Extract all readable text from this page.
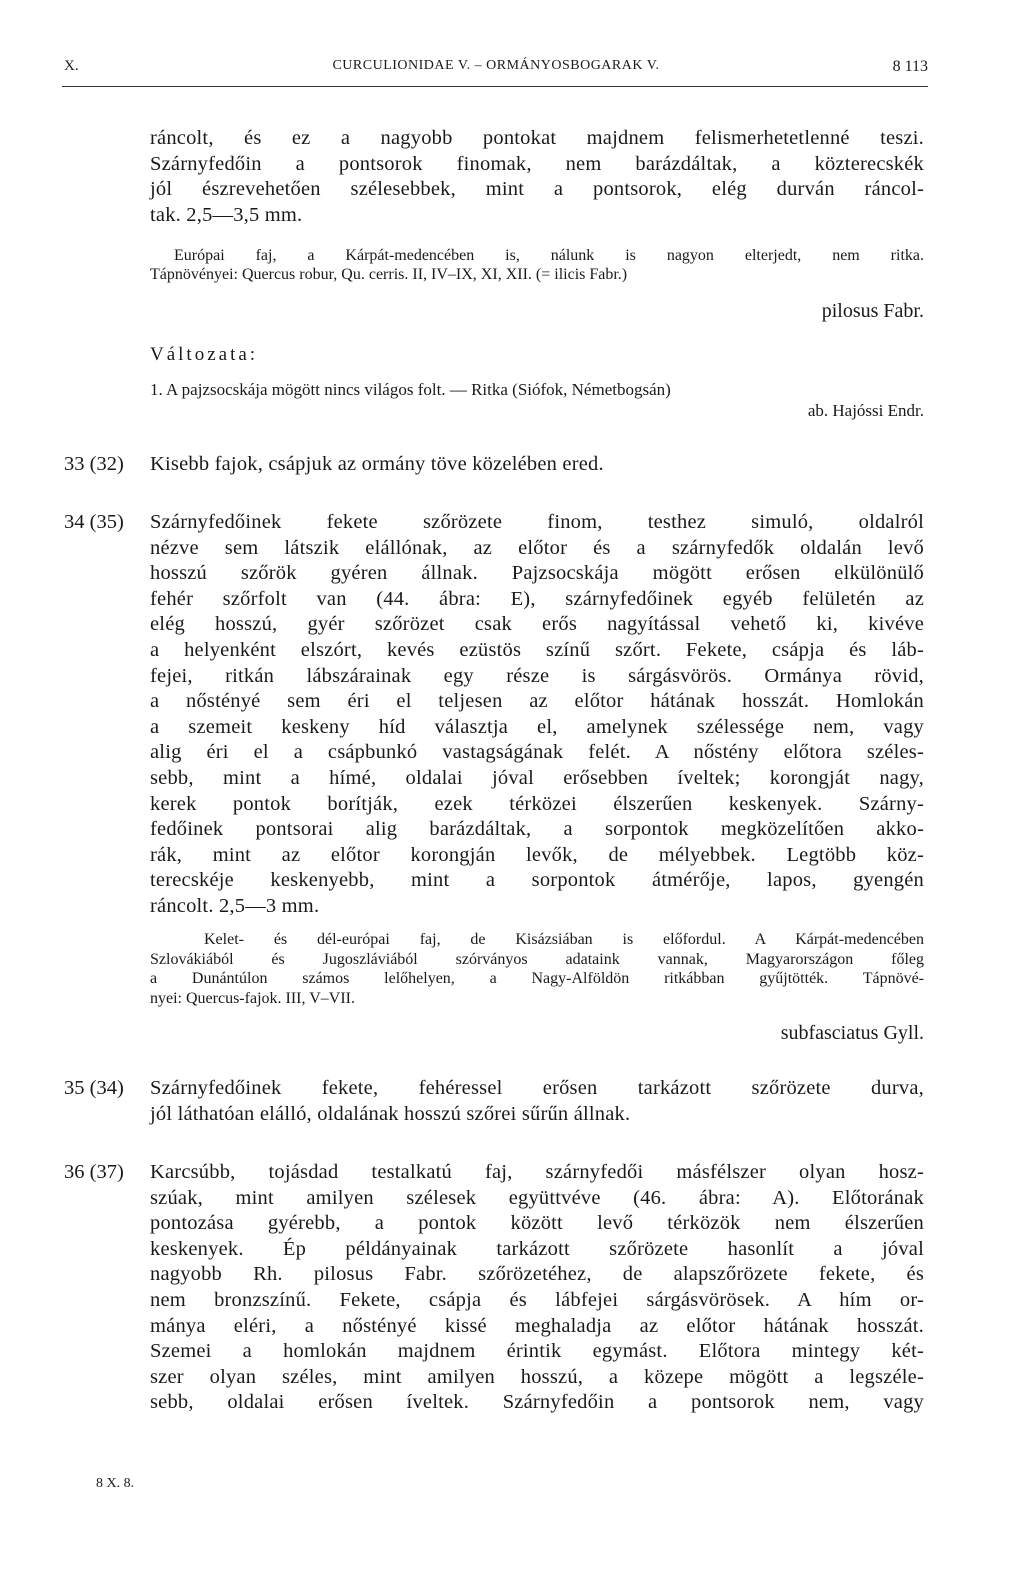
X.	CURCULIONIDAE V. – ORMÁNYOSBOGARAK V.	8 113
ráncolt, és ez a nagyobb pontokat majdnem felismerhetetlenné teszi.
Szárnyfedőin a pontsorok finomak, nem barázdáltak, a közterecskék
jól észrevehetően szélesebbek, mint a pontsorok, elég durván ráncol-
tak. 2,5—3,5 mm.
Európai faj, a Kárpát-medencében is, nálunk is nagyon elterjedt, nem ritka.
Tápnövényei: Quercus robur, Qu. cerris. II, IV–IX, XI, XII. (= ilicis Fabr.)
pilosus Fabr.
Változata:
1. A pajzsocskája mögött nincs világos folt. — Ritka (Siófok, Németbogsán)
ab. Hajóssi Endr.
33 (32) Kisebb fajok, csápjuk az ormány töve közelében ered.
34 (35) Szárnyfedőinek fekete szőrözete finom, testhez simuló, oldalról
nézve sem látszik elállónak, az előtor és a szárnyfedők oldalán levő
hosszú szőrök gyéren állnak. Pajzsocskája mögött erősen elkülönülő
fehér szőrfolt van (44. ábra: E), szárnyfedőinek egyéb felületén az
elég hosszú, gyér szőrözet csak erős nagyítással vehető ki, kivéve
a helyenként elszórt, kevés ezüstös színű szőrt. Fekete, csápja és láb-
fejei, ritkán lábszárainak egy része is sárgásvörös. Ormánya rövid,
a nőstényé sem éri el teljesen az előtor hátának hosszát. Homlokán
a szemeit keskeny híd választja el, amelynek szélessége nem, vagy
alig éri el a csápbunkó vastagságának felét. A nőstény előtora széles-
sebb, mint a hímé, oldalai jóval erősebben íveltek; korongját nagy,
kerek pontok borítják, ezek térközei élszerűen keskenyek. Szárny-
fedőinek pontsorai alig barázdáltak, a sorpontok megközelítően akko-
rák, mint az előtor korongján levők, de mélyebbek. Legtöbb köz-
terecskéje keskenyebb, mint a sorpontok átmérője, lapos, gyengén
ráncolt. 2,5—3 mm.
Kelet- és dél-európai faj, de Kisázsiában is előfordul. A Kárpát-medencében
Szlovákiából és Jugoszláviából szórványos adataink vannak, Magyarországon főleg
a Dunántúlon számos lelőhelyen, a Nagy-Alföldön ritkábban gyűjtötték. Tápnövé-
nyei: Quercus-fajok. III, V–VII.
subfasciatus Gyll.
35 (34) Szárnyfedőinek fekete, fehéressel erősen tarkázott szőrözete durva,
jól láthatóan elálló, oldalának hosszú szőrei sűrűn állnak.
36 (37) Karcsúbb, tojásdad testalkatú faj, szárnyfedői másfélszer olyan hosz-
szúak, mint amilyen szélesek együttvéve (46. ábra: A). Előtorának
pontozása gyérebb, a pontok között levő térközök nem élszerűen
keskenyek. Ép példányainak tarkázott szőrözete hasonlít a jóval
nagyobb Rh. pilosus Fabr. szőrözetéhez, de alapszőrözete fekete, és
nem bronzszínű. Fekete, csápja és lábfejei sárgásvörösek. A hím or-
mánya eléri, a nőstényé kissé meghaladja az előtor hátának hosszát.
Szemei a homlokán majdnem érintik egymást. Előtora mintegy két-
szer olyan széles, mint amilyen hosszú, a közepe mögött a legszéle-
sebb, oldalai erősen íveltek. Szárnyfedőin a pontsorok nem, vagy
8 X. 8.
